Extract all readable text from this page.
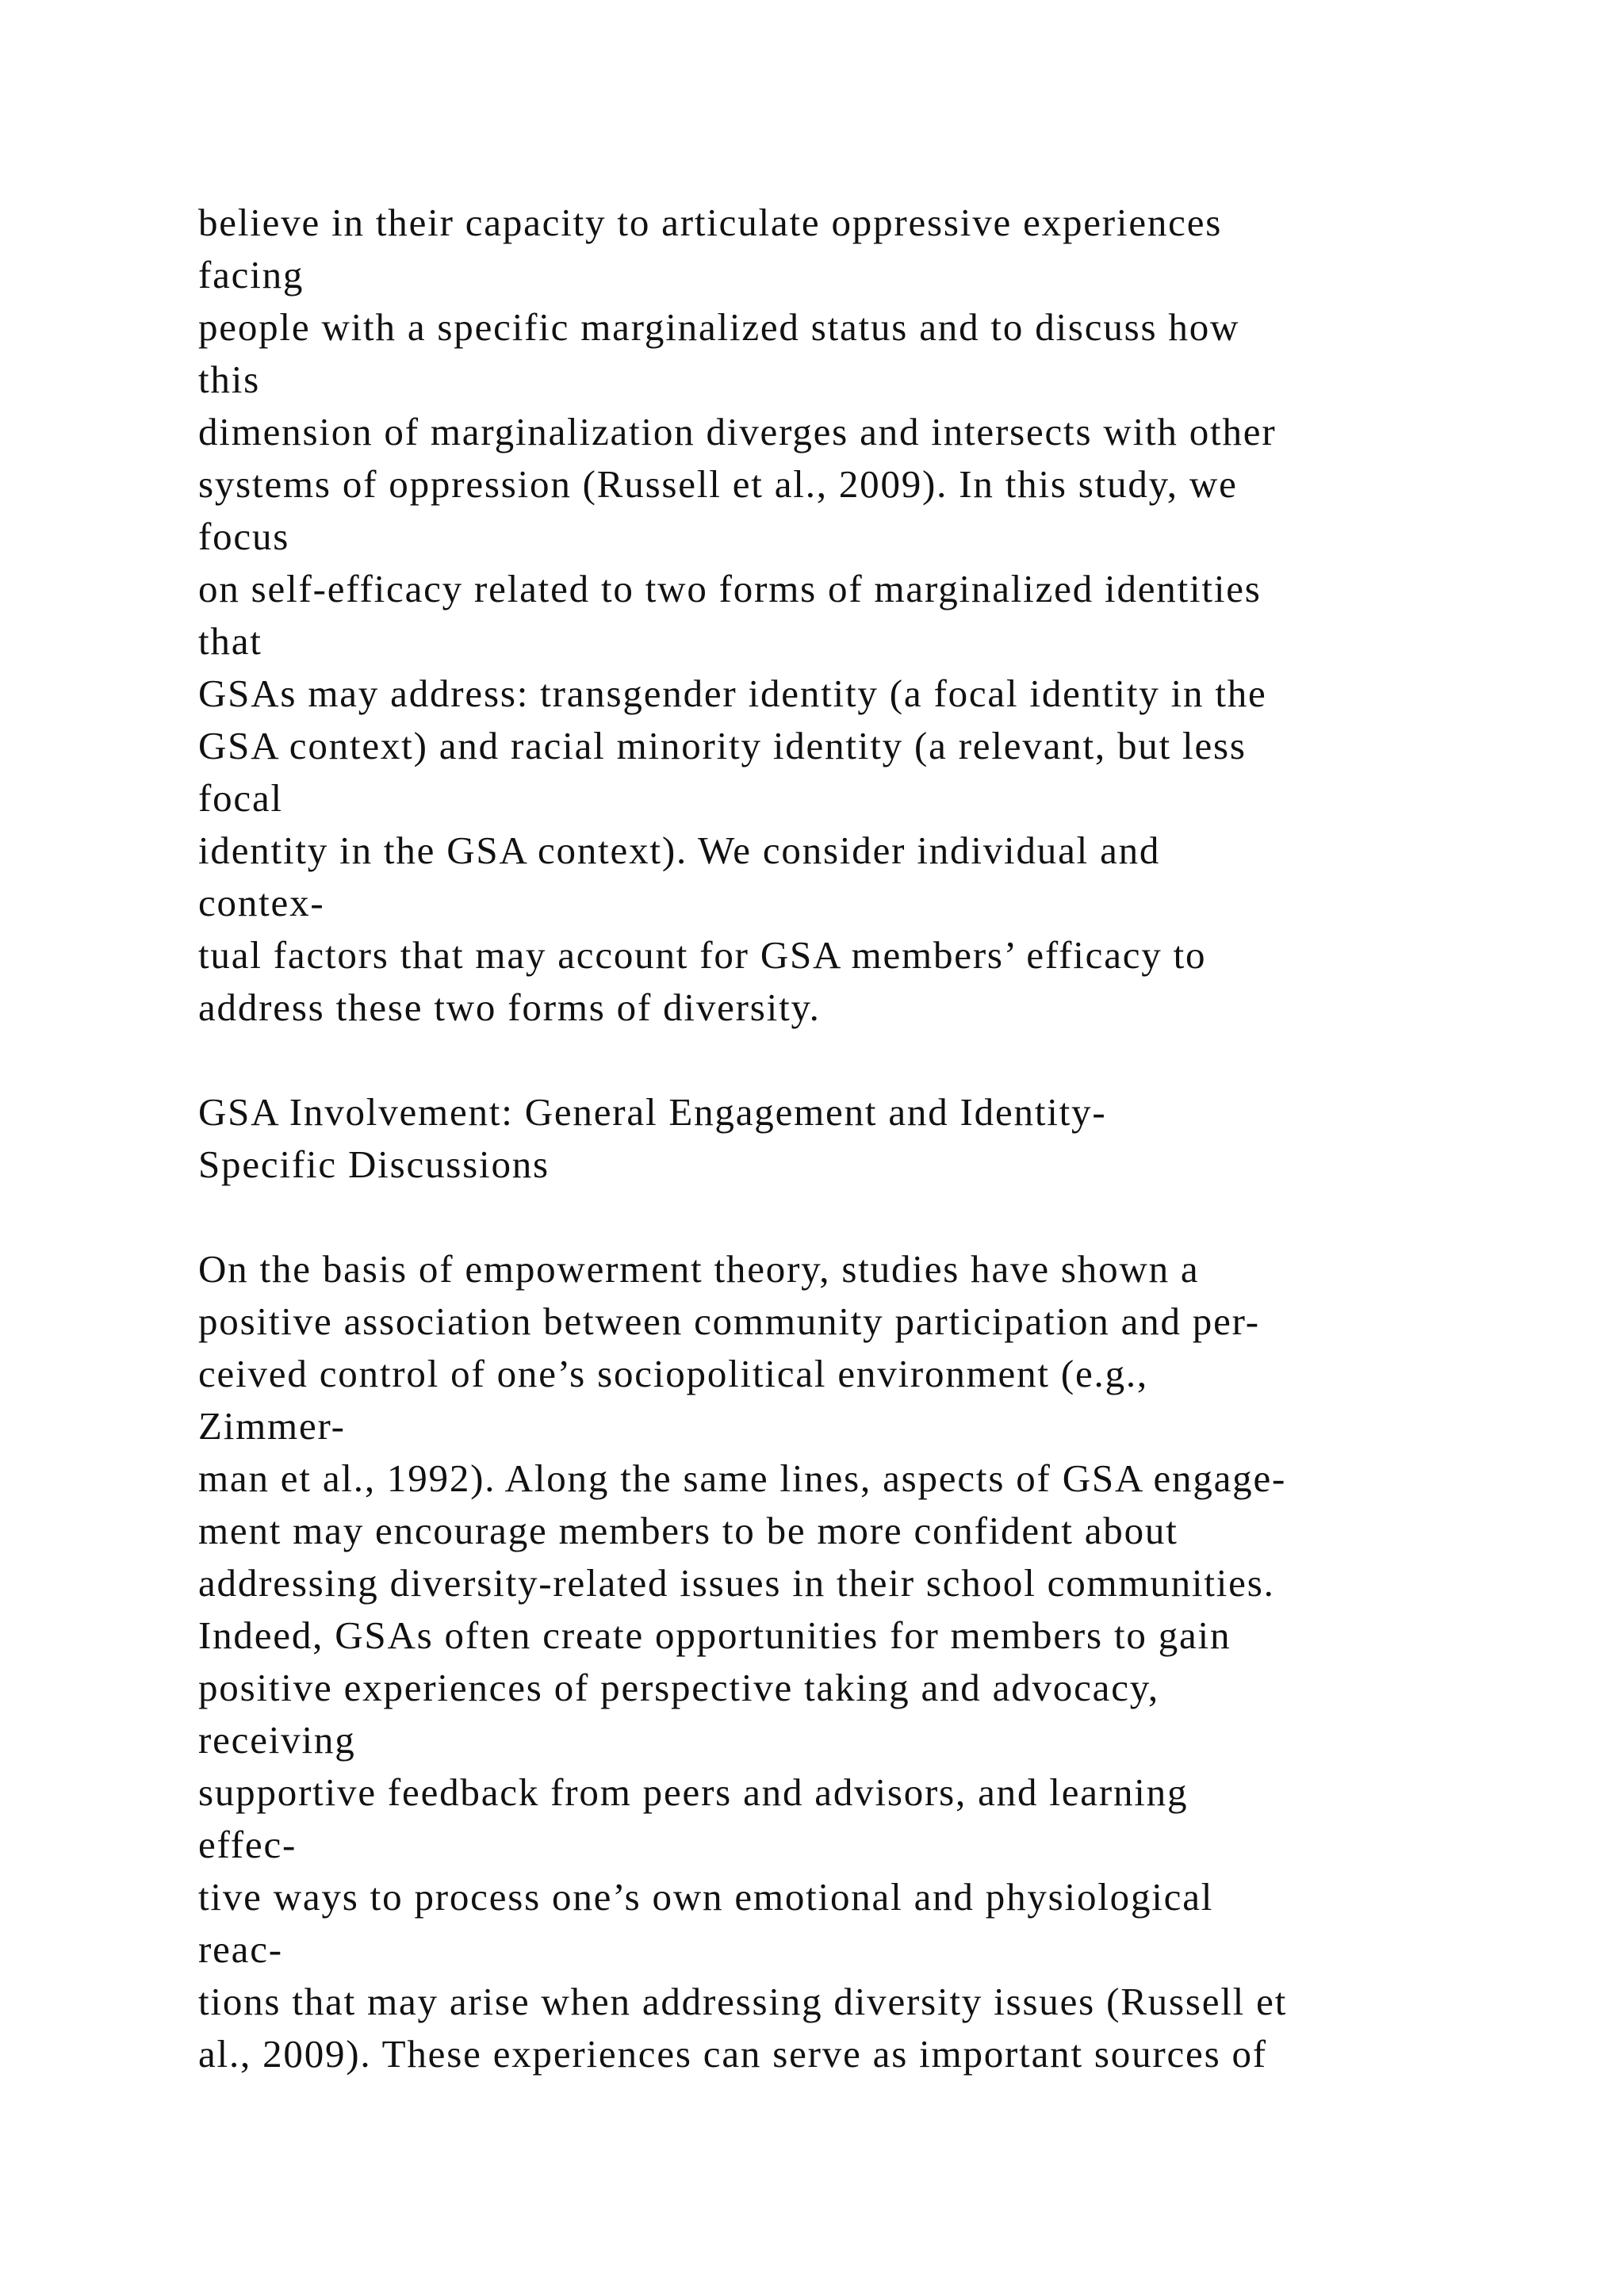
believe in their capacity to articulate oppressive experiences
facing
people with a specific marginalized status and to discuss how
this
dimension of marginalization diverges and intersects with other
systems of oppression (Russell et al., 2009). In this study, we
focus
on self-efficacy related to two forms of marginalized identities
that
GSAs may address: transgender identity (a focal identity in the
GSA context) and racial minority identity (a relevant, but less
focal
identity in the GSA context). We consider individual and
contex-
tual factors that may account for GSA members’ efficacy to
address these two forms of diversity.
GSA Involvement: General Engagement and Identity-
Specific Discussions
On the basis of empowerment theory, studies have shown a
positive association between community participation and per-
ceived control of one’s sociopolitical environment (e.g.,
Zimmer-
man et al., 1992). Along the same lines, aspects of GSA engage-
ment may encourage members to be more confident about
addressing diversity-related issues in their school communities.
Indeed, GSAs often create opportunities for members to gain
positive experiences of perspective taking and advocacy,
receiving
supportive feedback from peers and advisors, and learning
effec-
tive ways to process one’s own emotional and physiological
reac-
tions that may arise when addressing diversity issues (Russell et
al., 2009). These experiences can serve as important sources of
